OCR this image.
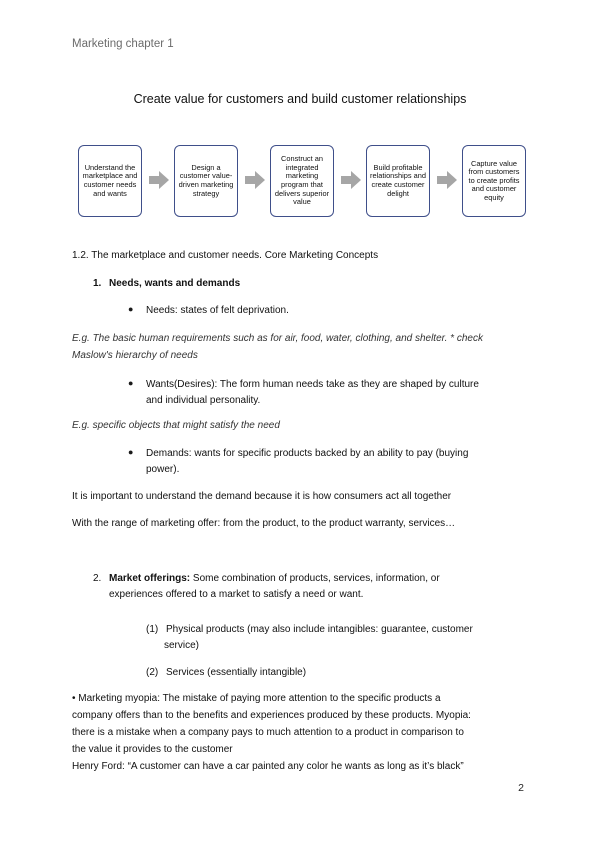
Marketing chapter 1
Create value for customers and build customer relationships
Understand the marketplace and customer needs and wants
Design a customer value-driven marketing strategy
Construct an integrated marketing program that delivers superior value
Build profitable relationships and create customer delight
Capture value from customers to create profits and customer equity
1.2. The marketplace and customer needs. Core Marketing Concepts
1. Needs, wants and demands
● Needs: states of felt deprivation.
E.g. The basic human requirements such as for air, food, water, clothing, and shelter. * check
Maslow's hierarchy of needs
● Wants(Desires): The form human needs take as they are shaped by culture
and individual personality.
E.g. specific objects that might satisfy the need
● Demands: wants for specific products backed by an ability to pay (buying
power).
It is important to understand the demand because it is how consumers act all together
With the range of marketing offer: from the product, to the product warranty, services…
2. Market offerings: Some combination of products, services, information, or
experiences offered to a market to satisfy a need or want.
(1) Physical products (may also include intangibles: guarantee, customer
service)
(2) Services (essentially intangible)
• Marketing myopia: The mistake of paying more attention to the specific products a
company offers than to the benefits and experiences produced by these products. Myopia:
there is a mistake when a company pays to much attention to a product in comparison to
the value it provides to the customer
Henry Ford: “A customer can have a car painted any color he wants as long as it’s black”
2
